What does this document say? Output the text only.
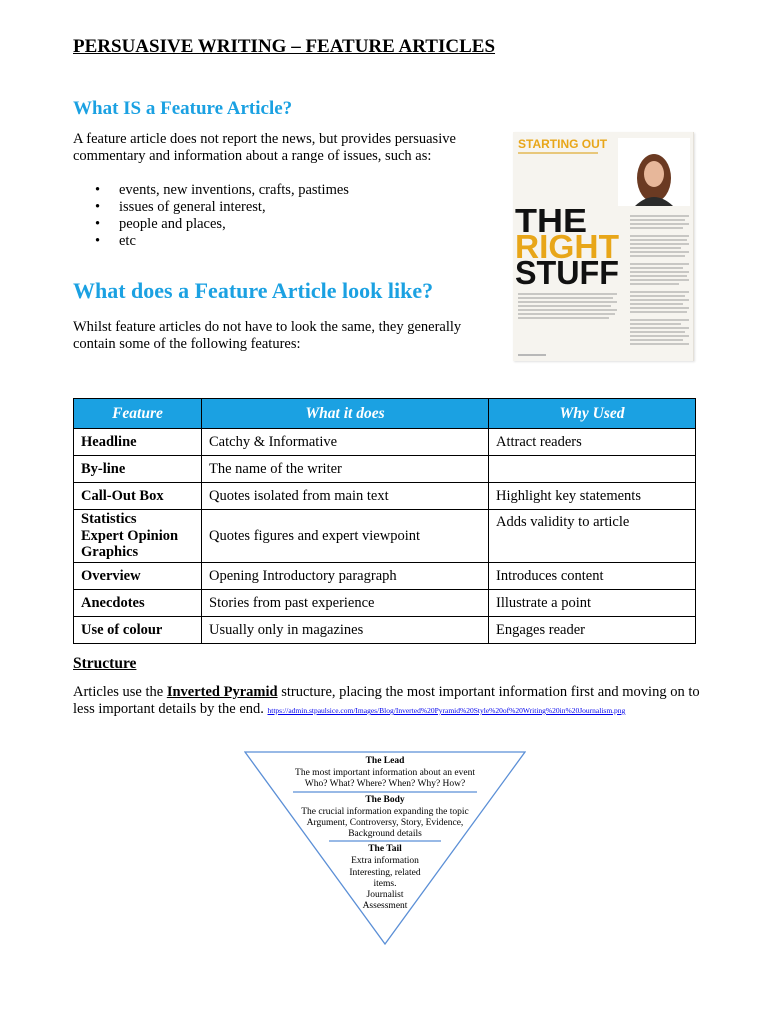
PERSUASIVE WRITING – FEATURE ARTICLES
What IS a Feature Article?
A feature article does not report the news, but provides persuasive commentary and information about a range of issues, such as:
• events, new inventions, crafts, pastimes
• issues of general interest,
• people and places,
• etc
What does a Feature Article look like?
Whilst feature articles do not have to look the same, they generally contain some of the following features:
STARTING OUT
THE
RIGHT
STUFF
Feature	What it does	Why Used
Headline	Catchy & Informative	Attract readers
By-line	The name of the writer	
Call-Out Box	Quotes isolated from main text	Highlight key statements

Statistics
Expert Opinion
Graphics	Quotes figures and expert viewpoint	Adds validity to article
Overview	Opening Introductory paragraph	Introduces content
Anecdotes	Stories from past experience	Illustrate a point
Use of colour	Usually only in magazines	Engages reader
Structure
Articles use the Inverted Pyramid structure, placing the most important information first and moving on to less important details by the end. https://admin.stpaulsice.com/Images/Blog/Inverted%20Pyramid%20Style%20of%20Writing%20in%20Journalism.png
The Lead
The most important information about an event
Who? What? Where? When? Why? How?
The Body
The crucial information expanding the topic
Argument, Controversy, Story, Evidence,
Background details
The Tail
Extra information
Interesting, related
items.
Journalist
Assessment
